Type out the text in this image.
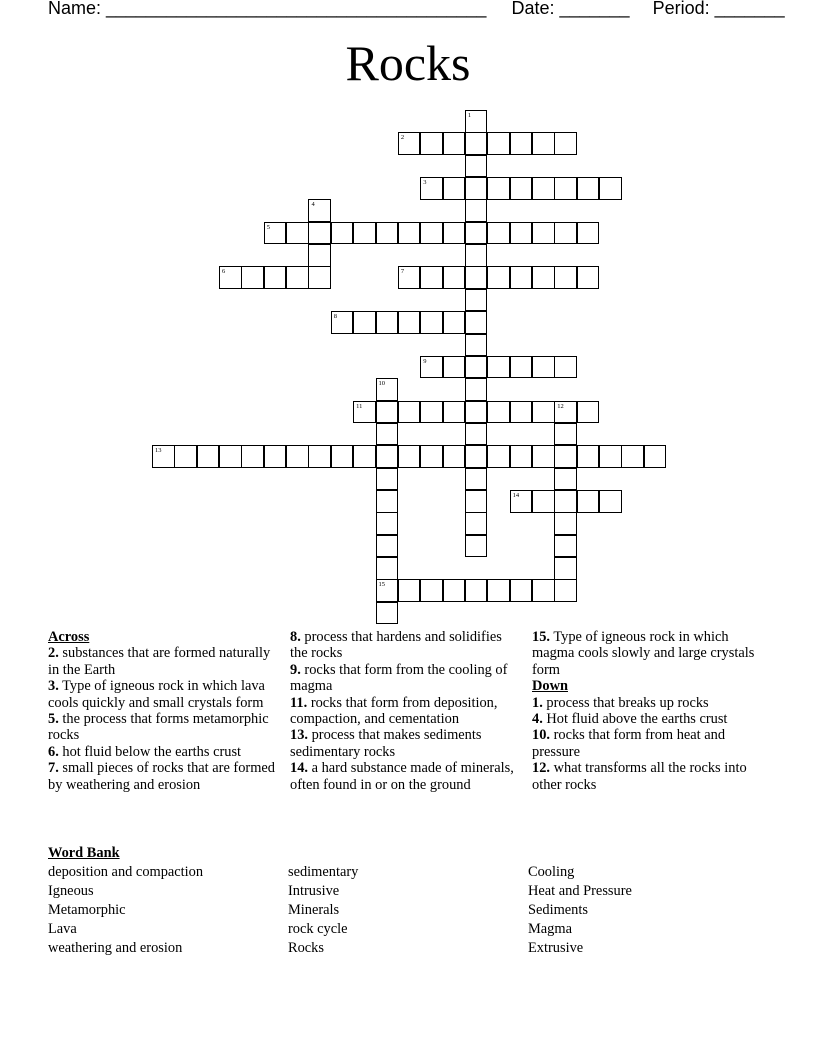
Name: ______________________________________ Date: _______ Period: _______
Rocks
2
3
5
6	7
8
9
11	12
13
14
15
1
4
10
Across
2. substances that are formed naturally in the Earth
3. Type of igneous rock in which lava cools quickly and small crystals form
5. the process that forms metamorphic rocks
6. hot fluid below the earths crust
7. small pieces of rocks that are formed by weathering and erosion
8. process that hardens and solidifies the rocks
9. rocks that form from the cooling of magma
11. rocks that form from deposition, compaction, and cementation
13. process that makes sediments sedimentary rocks
14. a hard substance made of minerals, often found in or on the ground
15. Type of igneous rock in which magma cools slowly and large crystals form
Down
1. process that breaks up rocks
4. Hot fluid above the earths crust
10. rocks that form from heat and pressure
12. what transforms all the rocks into other rocks
Word Bank
deposition and compaction
Igneous
Metamorphic
Lava
weathering and erosion
sedimentary
Intrusive
Minerals
rock cycle
Rocks
Cooling
Heat and Pressure
Sediments
Magma
Extrusive
